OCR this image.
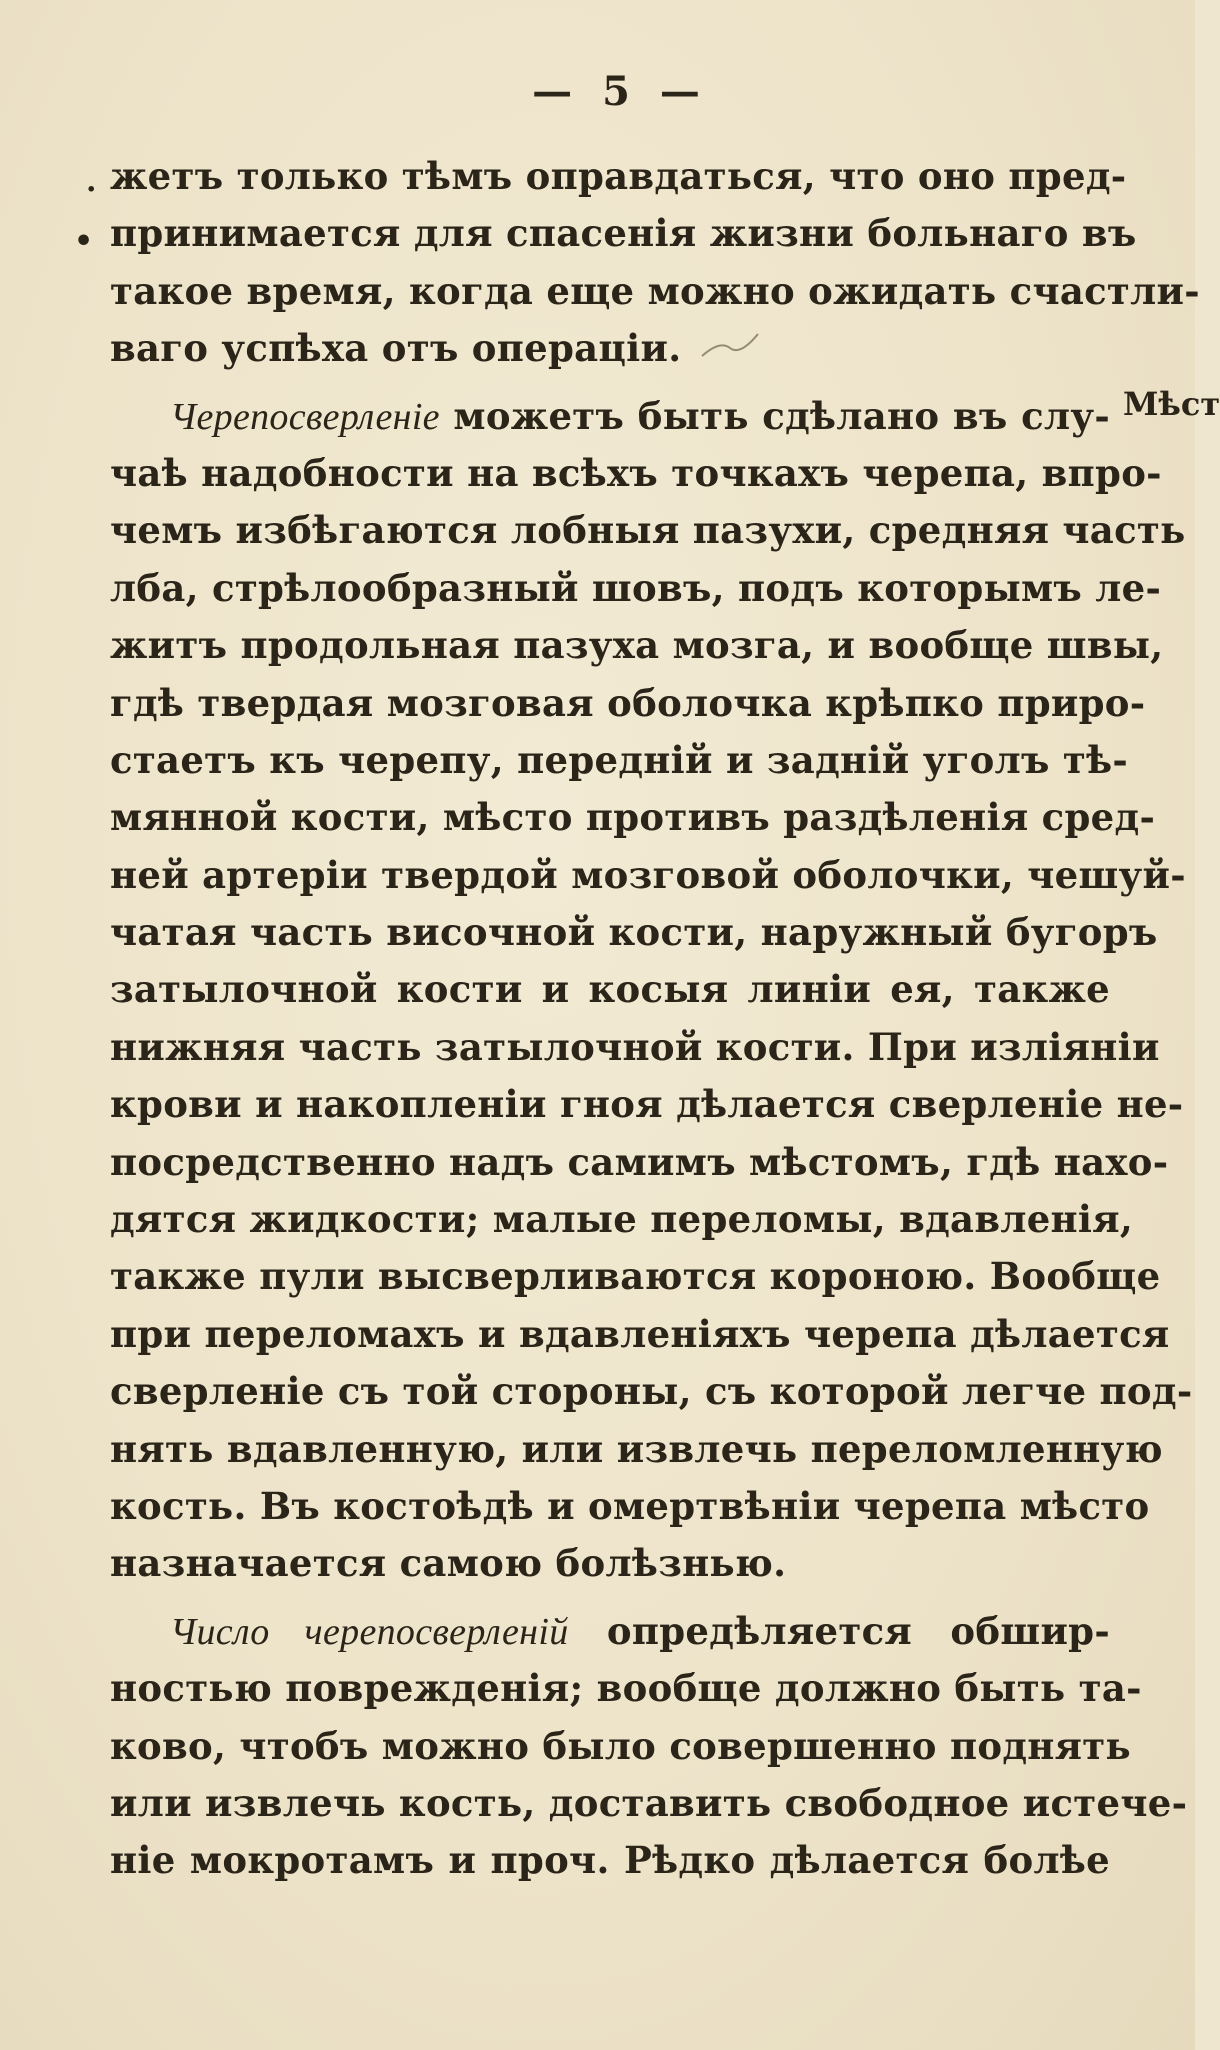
— 5 —
Мѣст
·
•
жетъ только тѣмъ оправдаться, что оно пред-
принимается для спасенія жизни больнаго въ
такое время, когда еще можно ожидать счастли-
ваго успѣха отъ операціи.
Черепосверленіе можетъ быть сдѣлано въ слу-
чаѣ надобности на всѣхъ точкахъ черепа, впро-
чемъ избѣгаются лобныя пазухи, средняя часть
лба, стрѣлообразный шовъ, подъ которымъ ле-
житъ продольная пазуха мозга, и вообще швы,
гдѣ твердая мозговая оболочка крѣпко приро-
стаетъ къ черепу, передній и задній уголъ тѣ-
мянной кости, мѣсто противъ раздѣленія сред-
ней артеріи твердой мозговой оболочки, чешуй-
чатая часть височной кости, наружный бугоръ
затылочной кости и косыя линіи ея, также
нижняя часть затылочной кости. При изліяніи
крови и накопленіи гноя дѣлается сверленіе не-
посредственно надъ самимъ мѣстомъ, гдѣ нахо-
дятся жидкости; малые переломы, вдавленія,
также пули высверливаются короною. Вообще
при переломахъ и вдавленіяхъ черепа дѣлается
сверленіе съ той стороны, съ которой легче под-
нять вдавленную, или извлечь переломленную
кость. Въ костоѣдѣ и омертвѣніи черепа мѣсто
назначается самою болѣзнью.
Число черепосверленій опредѣляется обшир-
ностью поврежденія; вообще должно быть та-
ково, чтобъ можно было совершенно поднять
или извлечь кость, доставить свободное истече-
ніе мокротамъ и проч. Рѣдко дѣлается болѣе
